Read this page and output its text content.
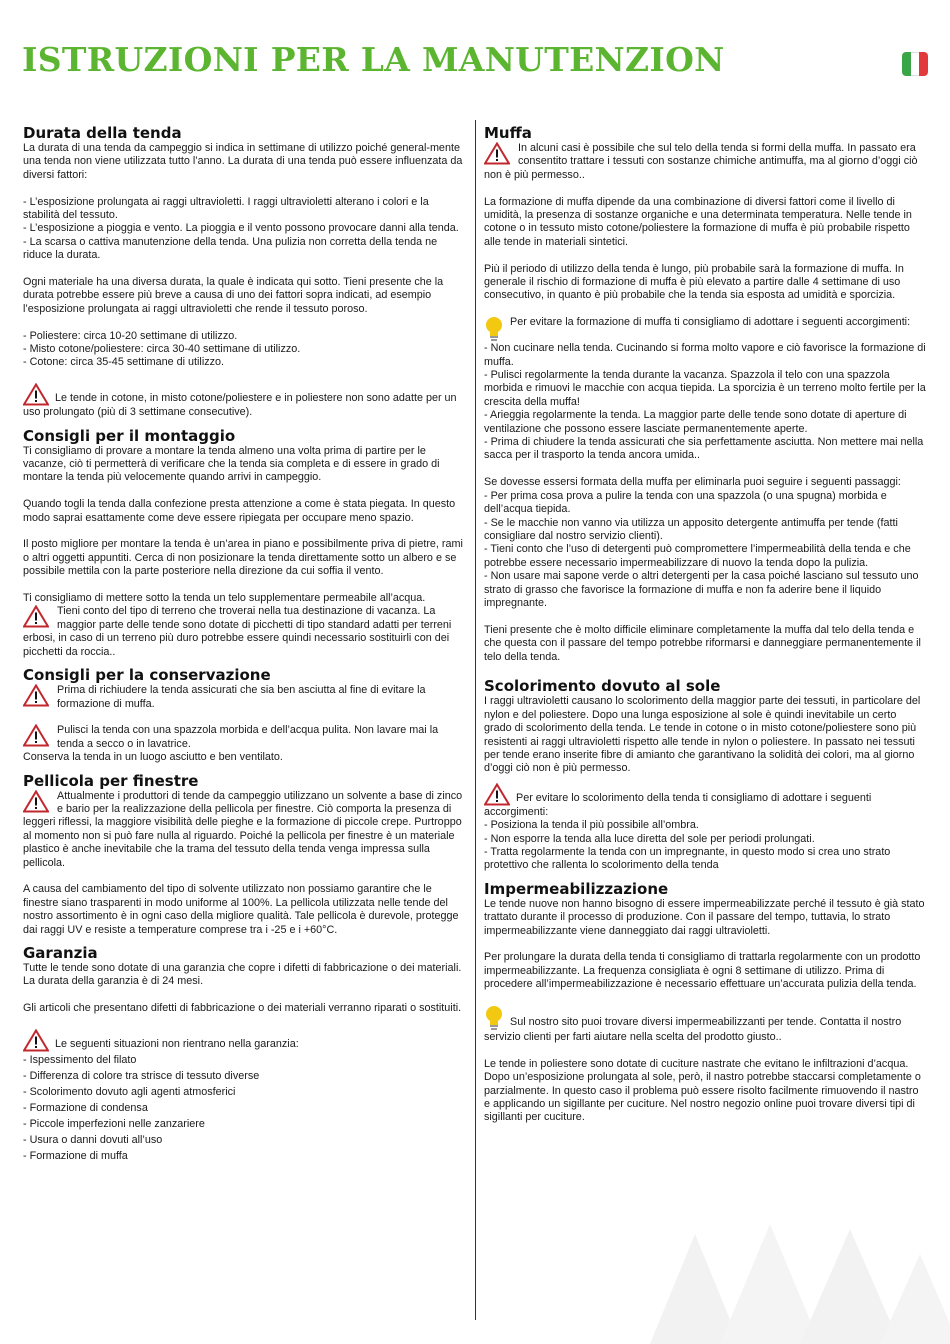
ISTRUZIONI PER LA MANUTENZION
Durata della tenda

La durata di una tenda da campeggio si indica in settimane di utilizzo poiché general-mente una tenda non viene utilizzata tutto l’anno. La durata di una tenda può essere influenzata da diversi fattori:

- L’esposizione prolungata ai raggi ultravioletti. I raggi ultravioletti alterano i colori e la stabilità del tessuto.
- L’esposizione a pioggia e vento. La pioggia e il vento possono provocare danni alla tenda.
- La scarsa o cattiva manutenzione della tenda. Una pulizia non corretta della tenda ne riduce la durata.

Ogni materiale ha una diversa durata, la quale è indicata qui sotto. Tieni presente che la durata potrebbe essere più breve a causa di uno dei fattori sopra indicati, ad esempio l’esposizione prolungata ai raggi ultravioletti che rende il tessuto poroso.

- Poliestere: circa 10-20 settimane di utilizzo.
- Misto cotone/poliestere: circa 30-40 settimane di utilizzo.
- Cotone: circa 35-45 settimane di utilizzo.

Le tende in cotone, in misto cotone/poliestere e in poliestere non sono adatte per un uso prolungato (più di 3 settimane consecutive).

Consigli per il montaggio

Ti consigliamo di provare a montare la tenda almeno una volta prima di partire per le vacanze, ciò ti permetterà di verificare che la tenda sia completa e di essere in grado di montare la tenda più velocemente quando arrivi in campeggio.

Quando togli la tenda dalla confezione presta attenzione a come è stata piegata. In questo modo saprai esattamente come deve essere ripiegata per occupare meno spazio.

Il posto migliore per montare la tenda è un’area in piano e possibilmente priva di pietre, rami o altri oggetti appuntiti. Cerca di non posizionare la tenda direttamente sotto un albero e se possibile mettila con la parte posteriore nella direzione da cui soffia il vento.

Ti consigliamo di mettere sotto la tenda un telo supplementare permeabile all’acqua.

Tieni conto del tipo di terreno che troverai nella tua destinazione di vacanza. La maggior parte delle tende sono dotate di picchetti di tipo standard adatti per terreni erbosi, in caso di un terreno più duro potrebbe essere quindi necessario sostituirli con dei picchetti da roccia..
Consigli per la conservazione
Prima di richiudere la tenda assicurati che sia ben asciutta al fine di evitare la formazione di muffa.
Pulisci la tenda con una spazzola morbida e dell’acqua pulita. Non lavare mai la tenda a secco o in lavatrice.

Conserva la tenda in un luogo asciutto e ben ventilato.

Pellicola per finestre
Attualmente i produttori di tende da campeggio utilizzano un solvente a base di zinco e bario per la realizzazione della pellicola per finestre. Ciò comporta la presenza di leggeri riflessi, la maggiore visibilità delle pieghe e la formazione di piccole crepe. Purtroppo al momento non si può fare nulla al riguardo. Poiché la pellicola per finestre è un materiale plastico è anche inevitabile che la trama del tessuto della tenda venga impressa sulla pellicola.

A causa del cambiamento del tipo di solvente utilizzato non possiamo garantire che le finestre siano trasparenti in modo uniforme al 100%. La pellicola utilizzata nelle tende del nostro assortimento è in ogni caso della migliore qualità. Tale pellicola è durevole, protegge dai raggi UV e resiste a temperature comprese tra i -25 e i +60°C.

Garanzia

Tutte le tende sono dotate di una garanzia che copre i difetti di fabbricazione o dei materiali. La durata della garanzia è di 24 mesi.

Gli articoli che presentano difetti di fabbricazione o dei materiali verranno riparati o sostituiti.

Le seguenti situazioni non rientrano nella garanzia:

- Ispessimento del filato
- Differenza di colore tra strisce di tessuto diverse
- Scolorimento dovuto agli agenti atmosferici
- Formazione di condensa
- Piccole imperfezioni nelle zanzariere
- Usura o danni dovuti all’uso
- Formazione di muffa
Muffa
In alcuni casi è possibile che sul telo della tenda si formi della muffa. In passato era consentito trattare i tessuti con sostanze chimiche antimuffa, ma al giorno d’oggi ciò non è più permesso..

La formazione di muffa dipende da una combinazione di diversi fattori come il livello di umidità, la presenza di sostanze organiche e una determinata temperatura. Nelle tende in cotone o in tessuto misto cotone/poliestere la formazione di muffa è più probabile rispetto alle tende in materiali sintetici.

Più il periodo di utilizzo della tenda è lungo, più probabile sarà la formazione di muffa. In generale il rischio di formazione di muffa è più elevato a partire dalle 4 settimane di uso consecutivo, in quanto è più probabile che la tenda sia esposta ad umidità e sporcizia.

Per evitare la formazione di muffa ti consigliamo di adottare i seguenti accorgimenti:
- Non cucinare nella tenda. Cucinando si forma molto vapore e ciò favorisce la formazione di muffa.
- Pulisci regolarmente la tenda durante la vacanza. Spazzola il telo con una spazzola morbida e rimuovi le macchie con acqua tiepida. La sporcizia è un terreno molto fertile per la crescita della muffa!
- Arieggia regolarmente la tenda. La maggior parte delle tende sono dotate di aperture di ventilazione che possono essere lasciate permanentemente aperte.
- Prima di chiudere la tenda assicurati che sia perfettamente asciutta. Non mettere mai nella sacca per il trasporto la tenda ancora umida..

Se dovesse essersi formata della muffa per eliminarla puoi seguire i seguenti passaggi:

- Per prima cosa prova a pulire la tenda con una spazzola (o una spugna) morbida e dell’acqua tiepida.
- Se le macchie non vanno via utilizza un apposito detergente antimuffa per tende (fatti consigliare dal nostro servizio clienti).
- Tieni conto che l’uso di detergenti può compromettere l’impermeabilità della tenda e che potrebbe essere necessario impermeabilizzare di nuovo la tenda dopo la pulizia.
- Non usare mai sapone verde o altri detergenti per la casa poiché lasciano sul tessuto uno strato di grasso che favorisce la formazione di muffa e non fa aderire bene il liquido impregnante.

Tieni presente che è molto difficile eliminare completamente la muffa dal telo della tenda e che questa con il passare del tempo potrebbe riformarsi e danneggiare permanentemente il telo della tenda.

Scolorimento dovuto al sole

I raggi ultravioletti causano lo scolorimento della maggior parte dei tessuti, in particolare del nylon e del poliestere. Dopo una lunga esposizione al sole è quindi inevitabile un certo grado di scolorimento della tenda. Le tende in cotone o in misto cotone/poliestere sono più resistenti ai raggi ultravioletti rispetto alle tende in nylon o poliestere. In passato nei tessuti per tende erano inserite fibre di amianto che garantivano la solidità dei colori, ma al giorno d’oggi ciò non è più permesso.

Per evitare lo scolorimento della tenda ti consigliamo di adottare i seguenti accorgimenti:

- Posiziona la tenda il più possibile all’ombra.
- Non esporre la tenda alla luce diretta del sole per periodi prolungati.
- Tratta regolarmente la tenda con un impregnante, in questo modo si crea uno strato protettivo che rallenta lo scolorimento della tenda
Impermeabilizzazione

Le tende nuove non hanno bisogno di essere impermeabilizzate perché il tessuto è già stato trattato durante il processo di produzione. Con il passare del tempo, tuttavia, lo strato impermeabilizzante viene danneggiato dai raggi ultravioletti.

Per prolungare la durata della tenda ti consigliamo di trattarla regolarmente con un prodotto impermeabilizzante. La frequenza consigliata è ogni 8 settimane di utilizzo. Prima di procedere all’impermeabilizzazione è necessario effettuare un’accurata pulizia della tenda.

Sul nostro sito puoi trovare diversi impermeabilizzanti per tende. Contatta il nostro servizio clienti per farti aiutare nella scelta del prodotto giusto..

Le tende in poliestere sono dotate di cuciture nastrate che evitano le infiltrazioni d’acqua. Dopo un’esposizione prolungata al sole, però, il nastro potrebbe staccarsi completamente o parzialmente. In questo caso il problema può essere risolto facilmente rimuovendo il nastro e applicando un sigillante per cuciture. Nel nostro negozio online puoi trovare diversi tipi di sigillanti per cuciture.
